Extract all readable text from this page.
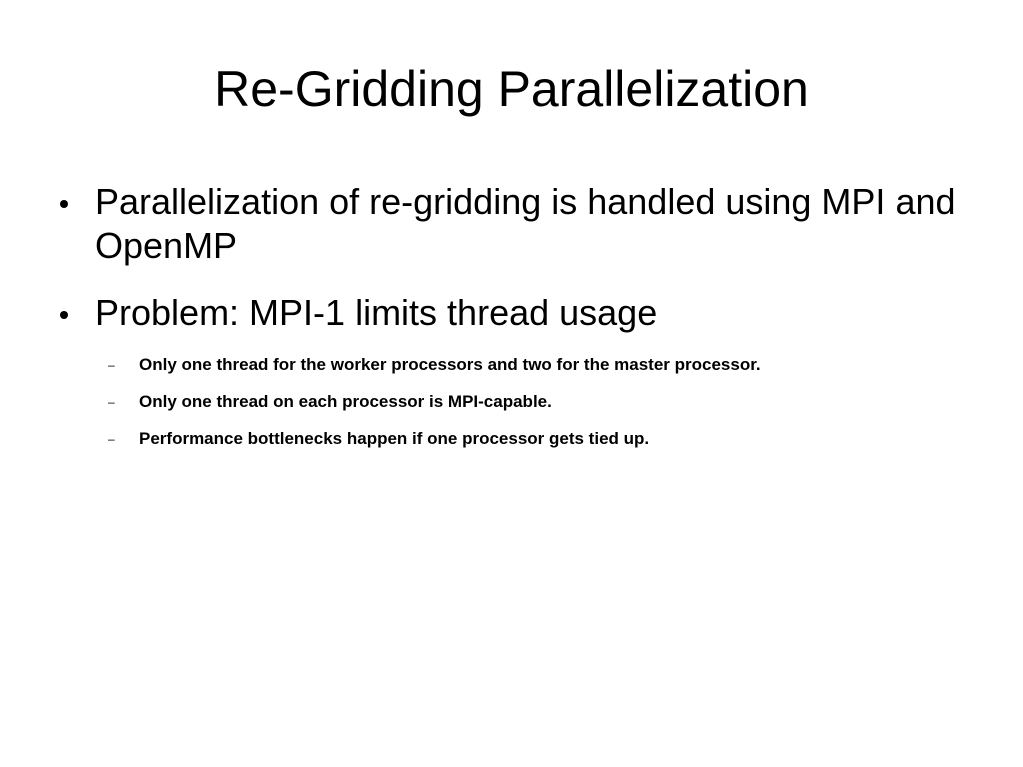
Re-Gridding Parallelization
Parallelization of re-gridding is handled using MPI and OpenMP
Problem: MPI-1 limits thread usage
– Only one thread for the worker processors and two for the master processor.
– Only one thread on each processor is MPI-capable.
– Performance bottlenecks happen if one processor gets tied up.
